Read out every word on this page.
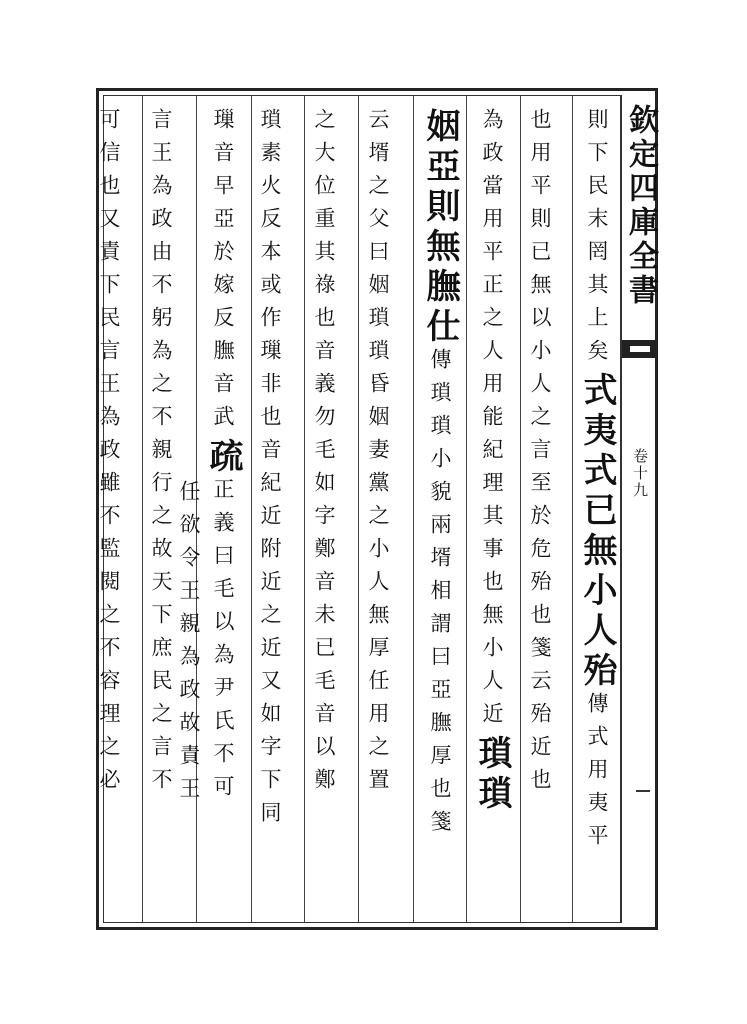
欽定四庫全書
卷十九
則下民末罔其上矣式夷式已無小人殆傳式用夷平
也用平則已無以小人之言至於危殆也箋云殆近也
為政當用平正之人用能紀理其事也無小人近瑣瑣
姻亞則無膴仕傳瑣瑣小貌兩壻相謂曰亞膴厚也箋
云壻之父曰姻瑣瑣昏姻妻黨之小人無厚任用之置
之大位重其祿也音義勿毛如字鄭音未已毛音以鄭
瑣素火反本或作璅非也音紀近附近之近又如字下同
璅音早亞於嫁反膴音武疏正義曰毛以為尹氏不可
任欲令王親為政故責王
言王為政由不躬為之不親行之故天下庶民之言不
可信也又責下民言王為政雖不監閱之不容理之必
